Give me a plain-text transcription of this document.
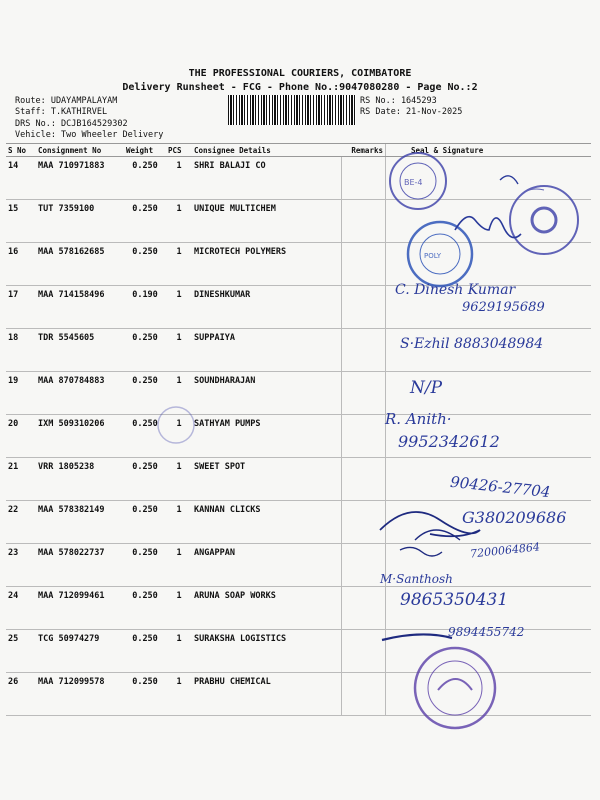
THE PROFESSIONAL COURIERS, COIMBATORE
Delivery Runsheet - FCG - Phone No.:9047080280 - Page No.:2
Route: UDAYAMPALAYAM
Staff: T.KATHIRVEL
DRS No.: DCJB164529302
Vehicle: Two Wheeler Delivery
RS No.: 1645293
RS Date: 21-Nov-2025
S No	Consignment No	Weight	PCS	Consignee Details	Remarks	Seal & Signature
14	MAA 710971883	0.250	1	SHRI BALAJI CO		
15	TUT 7359100	0.250	1	UNIQUE MULTICHEM		
16	MAA 578162685	0.250	1	MICROTECH POLYMERS		
17	MAA 714158496	0.190	1	DINESHKUMAR		
18	TDR 5545605	0.250	1	SUPPAIYA		
19	MAA 870784883	0.250	1	SOUNDHARAJAN		
20	IXM 509310206	0.250	1	SATHYAM PUMPS		
21	VRR 1805238	0.250	1	SWEET SPOT		
22	MAA 578382149	0.250	1	KANNAN CLICKS		
23	MAA 578022737	0.250	1	ANGAPPAN		
24	MAA 712099461	0.250	1	ARUNA SOAP WORKS		
25	TCG 50974279	0.250	1	SURAKSHA LOGISTICS		
26	MAA 712099578	0.250	1	PRABHU CHEMICAL		
BE-4
POLY
C. Dinesh Kumar
9629195689
S·Ezhil 8883048984
N/P
R. Anith·
9952342612
90426-27704
G380209686
7200064864
M·Santhosh
9865350431
9894455742
